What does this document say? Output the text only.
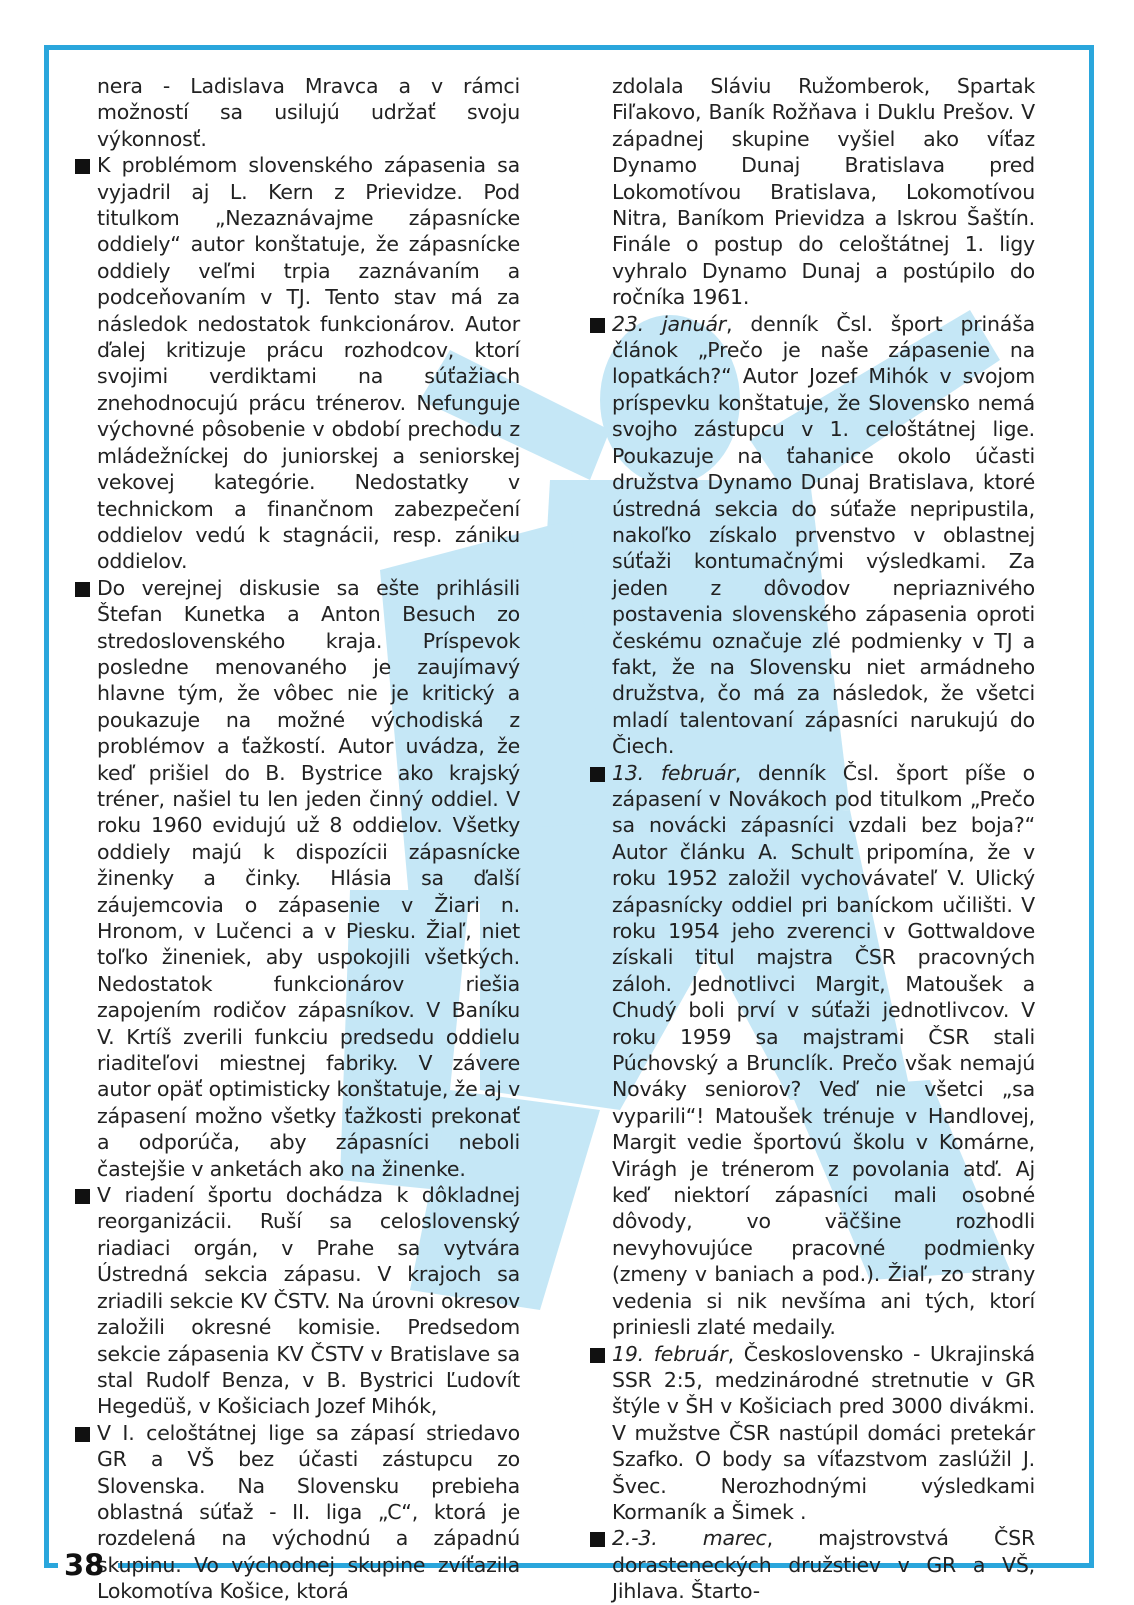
nera - Ladislava Mravca a v rámci možností sa usilujú udržať svoju výkonnosť.

K problémom slovenského zápasenia sa vyjadril aj L. Kern z Prievidze. Pod titulkom „Nezaznávajme zápasnícke oddiely“ autor konštatuje, že zápasnícke oddiely veľmi trpia zaznávaním a podceňovaním v TJ. Tento stav má za následok nedostatok funkcionárov. Autor ďalej kritizuje prácu rozhodcov, ktorí svojimi verdiktami na súťažiach znehodnocujú prácu trénerov. Nefunguje výchovné pôsobenie v období prechodu z mládežníckej do juniorskej a seniorskej vekovej kategórie. Nedostatky v technickom a finančnom zabezpečení oddielov vedú k stagnácii, resp. zániku oddielov.

Do verejnej diskusie sa ešte prihlásili Štefan Kunetka a Anton Besuch zo stredoslovenského kraja. Príspevok posledne menovaného je zaujímavý hlavne tým, že vôbec nie je kritický a poukazuje na možné východiská z problémov a ťažkostí. Autor uvádza, že keď prišiel do B. Bystrice ako krajský tréner, našiel tu len jeden činný oddiel. V roku 1960 evidujú už 8 oddielov. Všetky oddiely majú k dispozícii zápasnícke žinenky a činky. Hlásia sa ďalší záujemcovia o zápasenie v Žiari n. Hronom, v Lučenci a v Piesku. Žiaľ, niet toľko žineniek, aby uspokojili všetkých. Nedostatok funkcionárov riešia zapojením rodičov zápasníkov. V Baníku V. Krtíš zverili funkciu predsedu oddielu riaditeľovi miestnej fabriky. V závere autor opäť optimisticky konštatuje, že aj v zápasení možno všetky ťažkosti prekonať a odporúča, aby zápasníci neboli častejšie v anketách ako na žinenke.

V riadení športu dochádza k dôkladnej reorganizácii. Ruší sa celoslovenský riadiaci orgán, v Prahe sa vytvára Ústredná sekcia zápasu. V krajoch sa zriadili sekcie KV ČSTV. Na úrovni okresov založili okresné komisie. Predsedom sekcie zápasenia KV ČSTV v Bratislave sa stal Rudolf Benza, v B. Bystrici Ľudovít Hegedüš, v Košiciach Jozef Mihók,

V I. celoštátnej lige sa zápasí striedavo GR a VŠ bez účasti zástupcu zo Slovenska. Na Slovensku prebieha oblastná súťaž - II. liga „C“, ktorá je rozdelená na východnú a západnú skupinu. Vo východnej skupine zvíťazila Lokomotíva Košice, ktorá

zdolala Sláviu Ružomberok, Spartak Fiľakovo, Baník Rožňava i Duklu Prešov. V západnej skupine vyšiel ako víťaz Dynamo Dunaj Bratislava pred Lokomotívou Bratislava, Lokomotívou Nitra, Baníkom Prievidza a Iskrou Šaštín. Finále o postup do celoštátnej 1. ligy vyhralo Dynamo Dunaj a postúpilo do ročníka 1961.

23. január, denník Čsl. šport prináša článok „Prečo je naše zápasenie na lopatkách?“ Autor Jozef Mihók v svojom príspevku konštatuje, že Slovensko nemá svojho zástupcu v 1. celoštátnej lige. Poukazuje na ťahanice okolo účasti družstva Dynamo Dunaj Bratislava, ktoré ústredná sekcia do súťaže nepripustila, nakoľko získalo prvenstvo v oblastnej súťaži kontumačnými výsledkami. Za jeden z dôvodov nepriaznivého postavenia slovenského zápasenia oproti českému označuje zlé podmienky v TJ a fakt, že na Slovensku niet armádneho družstva, čo má za následok, že všetci mladí talentovaní zápasníci narukujú do Čiech.

13. február, denník Čsl. šport píše o zápasení v Novákoch pod titulkom „Prečo sa novácki zápasníci vzdali bez boja?“ Autor článku A. Schult pripomína, že v roku 1952 založil vychovávateľ V. Ulický zápasnícky oddiel pri baníckom učilišti. V roku 1954 jeho zverenci v Gottwaldove získali titul majstra ČSR pracovných záloh. Jednotlivci Margit, Matoušek a Chudý boli prví v súťaži jednotlivcov. V roku 1959 sa majstrami ČSR stali Púchovský a Brunclík. Prečo však nemajú Nováky seniorov? Veď nie všetci „sa vyparili“! Matoušek trénuje v Handlovej, Margit vedie športovú školu v Komárne, Virágh je trénerom z povolania atď. Aj keď niektorí zápasníci mali osobné dôvody, vo väčšine rozhodli nevyhovujúce pracovné podmienky (zmeny v baniach a pod.). Žiaľ, zo strany vedenia si nik nevšíma ani tých, ktorí priniesli zlaté medaily.

19. február, Československo - Ukrajinská SSR 2:5, medzinárodné stretnutie v GR štýle v ŠH v Košiciach pred 3000 divákmi. V mužstve ČSR nastúpil domáci pretekár Szafko. O body sa víťazstvom zaslúžil J. Švec. Nerozhodnými výsledkami Kormaník a Šimek .

2.-3. marec, majstrovstvá ČSR dorasteneckých družstiev v GR a VŠ, Jihlava. Štarto-

38
